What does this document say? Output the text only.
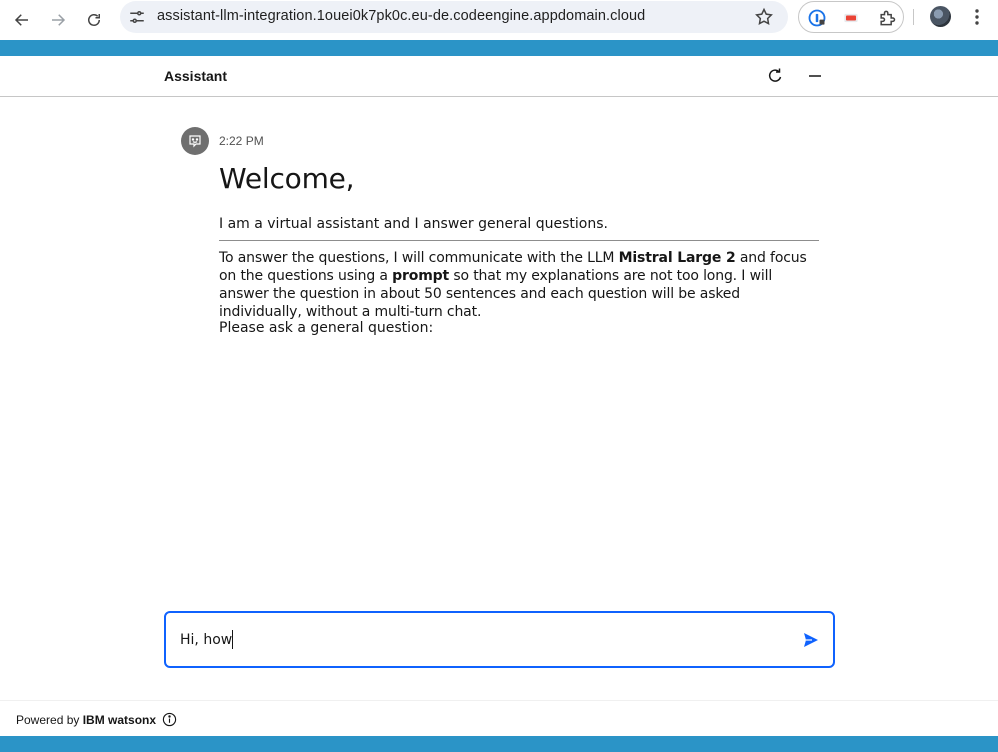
assistant-llm-integration.1ouei0k7pk0c.eu-de.codeengine.appdomain.cloud
Assistant
2:22 PM
Welcome,
I am a virtual assistant and I answer general questions.
To answer the questions, I will communicate with the LLM Mistral Large 2 and focus on the questions using a prompt so that my explanations are not too long. I will answer the question in about 50 sentences and each question will be asked individually, without a multi-turn chat.
Please ask a general question:
Hi, how
Powered by IBM watsonx
